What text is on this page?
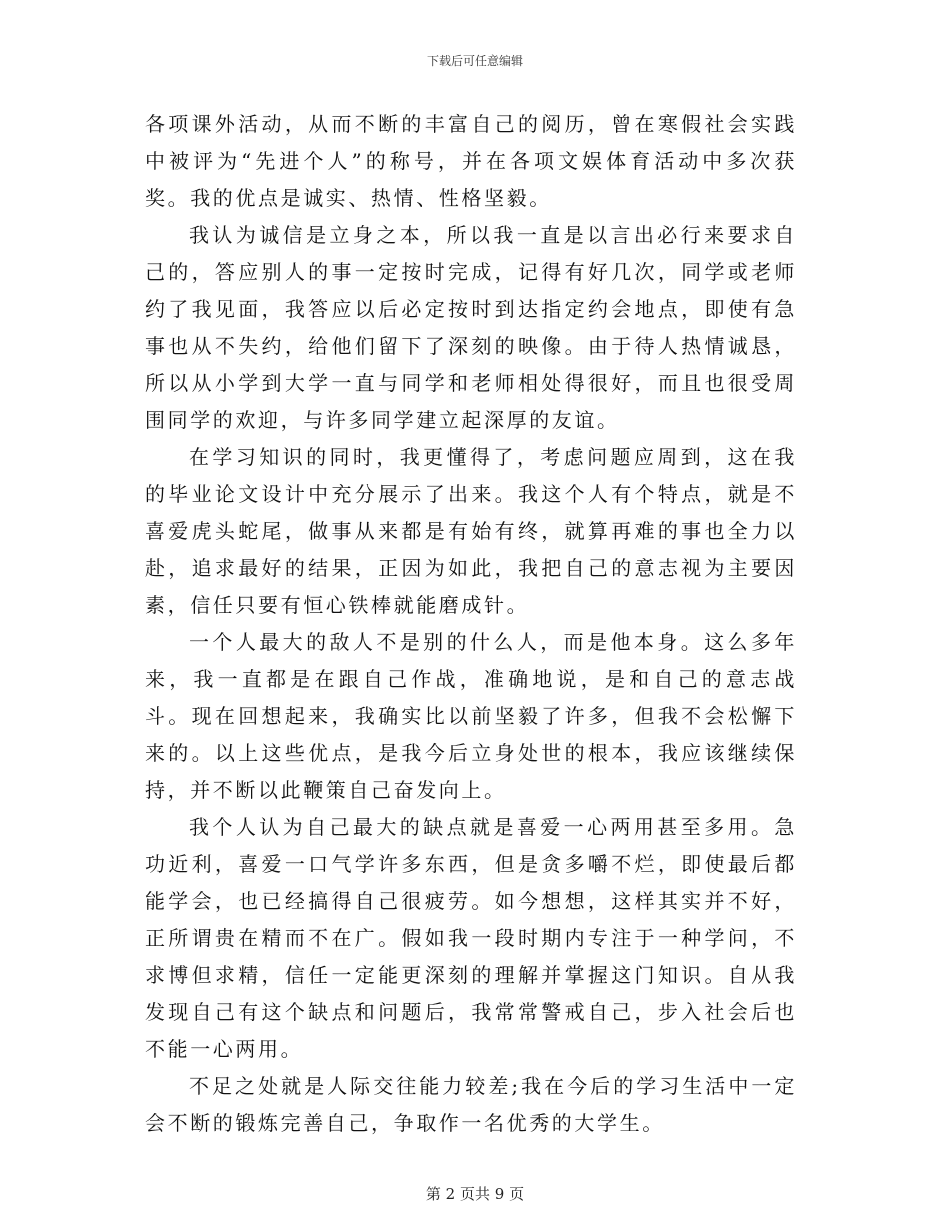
下载后可任意编辑

各项课外活动，从而不断的丰富自己的阅历，曾在寒假社会实践中被评为“先进个人”的称号，并在各项文娱体育活动中多次获奖。我的优点是诚实、热情、性格坚毅。

我认为诚信是立身之本，所以我一直是以言出必行来要求自己的，答应别人的事一定按时完成，记得有好几次，同学或老师约了我见面，我答应以后必定按时到达指定约会地点，即使有急事也从不失约，给他们留下了深刻的映像。由于待人热情诚恳，所以从小学到大学一直与同学和老师相处得很好，而且也很受周围同学的欢迎，与许多同学建立起深厚的友谊。

在学习知识的同时，我更懂得了，考虑问题应周到，这在我的毕业论文设计中充分展示了出来。我这个人有个特点，就是不喜爱虎头蛇尾，做事从来都是有始有终，就算再难的事也全力以赴，追求最好的结果，正因为如此，我把自己的意志视为主要因素，信任只要有恒心铁棒就能磨成针。

一个人最大的敌人不是别的什么人，而是他本身。这么多年来，我一直都是在跟自己作战，准确地说，是和自己的意志战斗。现在回想起来，我确实比以前坚毅了许多，但我不会松懈下来的。以上这些优点，是我今后立身处世的根本，我应该继续保持，并不断以此鞭策自己奋发向上。

我个人认为自己最大的缺点就是喜爱一心两用甚至多用。急功近利，喜爱一口气学许多东西，但是贪多嚼不烂，即使最后都能学会，也已经搞得自己很疲劳。如今想想，这样其实并不好，正所谓贵在精而不在广。假如我一段时期内专注于一种学问，不求博但求精，信任一定能更深刻的理解并掌握这门知识。自从我发现自己有这个缺点和问题后，我常常警戒自己，步入社会后也不能一心两用。

不足之处就是人际交往能力较差;我在今后的学习生活中一定会不断的锻炼完善自己，争取作一名优秀的大学生。

第 2 页共 9 页
